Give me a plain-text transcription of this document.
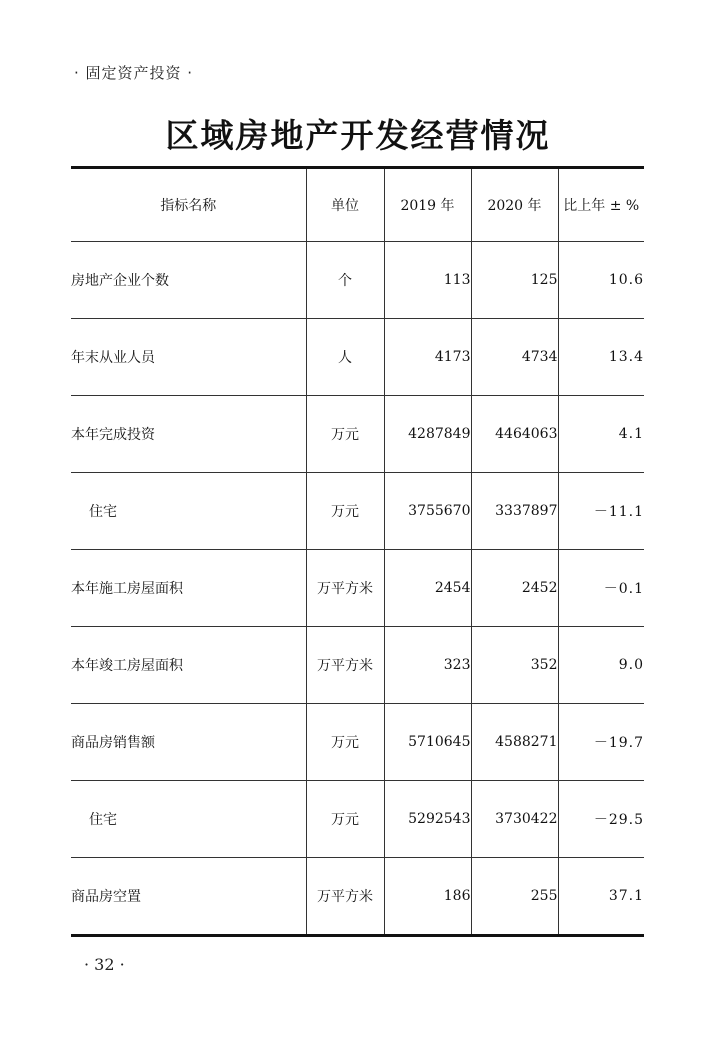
· 固定资产投资 ·
区域房地产开发经营情况
指标名称	单位	2019 年	2020 年	比上年 ± %
房地产企业个数	个	113	125	10.6
年末从业人员	人	4173	4734	13.4
本年完成投资	万元	4287849	4464063	4.1
住宅	万元	3755670	3337897	－11.1
本年施工房屋面积	万平方米	2454	2452	－0.1
本年竣工房屋面积	万平方米	323	352	9.0
商品房销售额	万元	5710645	4588271	－19.7
住宅	万元	5292543	3730422	－29.5
商品房空置	万平方米	186	255	37.1
· 32 ·
